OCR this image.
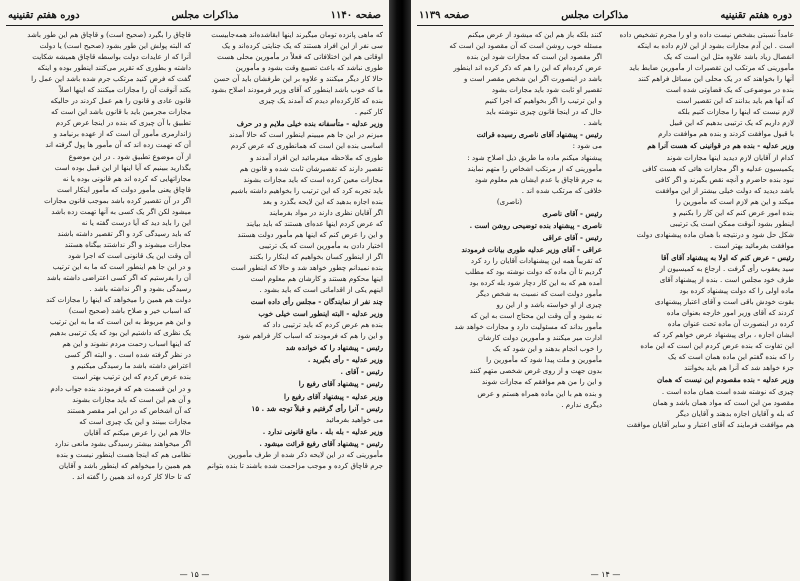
صفحه ۱۱۴۰
مذاکرات مجلس
دوره هفتم تقنینیه

که ماهی پانزده تومان میگیرند اینها ابقاشده‌اند همه‌جابیست

سی نفر از این افراد هستند که یک جنایتی کرده‌اند و یک

اوقاتی هم این اختلافاتی که فعلاً در مأمورین محلی هست

طوری نباشد که باعث تضییع وقت بشود و مأمورین

حالا کار دیگر میکنند و علاوه بر این طرفشان باید آن حسن

ما که خوب باشد اینطور که آقای وزیر فرمودند اصلاح بشود

بنده که کارکرده‌ام دیدم که آمدند یک چیزی

کار کنیم .

وزیر عدلیه - متأسفانه بنده خیلی ملایم و در حرف

میزنم در این جا هم میبینم اینطور است که حالا آمدند

اساسی بنده این است که همانطوری که عرض کردم

طوری که ملاحظه میفرمائید این افراد آمدند و

تقصیر دارند که تقصیرشان ثابت شده و قانون هم

مجازات معین کرده است که باید مجازات بشوند

باید تجربه کرد که این ترتیب را بخواهیم داشته باشیم

بنده اجازه بدهید که این لایحه بگذرد و بعد

اگر آقایان نظری دارند در مواد بفرمایند

که عرض کردم اینها عده‌ای هستند که باید بیایند

و این را عرض کنم که اینها هم مأمور دولت هستند

اختیار دادن به مأمورین است که یک ترتیبی

اگر از اینطور کسان بخواهیم که اینکار را بکنند

بنده نمیدانم چطور خواهد شد و حالا که اینطور است

اینها محکوم هستند و کارشان هم معلوم است

اینهم یکی از اقداماتی است که باید بشود .

چند نفر از نمایندگان - مجلس رأی داده است

وزیر عدلیه - البته اینطور است خیلی خوب

بنده هم عرض کردم که باید ترتیبی داد که

و این را هم که فرمودند که اسباب کار فراهم شود

رئیس - پیشنهاد را که خوانده شد

وزیر عدلیه - رأی بگیرید .

رئیس - آقای .

رئیس - پیشنهاد آقای رفیع را

وزیر عدلیه - پیشنهاد آقای رفیع را

رئیس - آنرا رأی گرفتیم و قبلاً توجه شد . ۱۵

می خواهید بفرمائید

وزیر عدلیه - بله بله . مانع قانونی ندارد .

رئیس - پیشنهاد آقای رفیع قرائت میشود .

مأمورینی که در این لایحه ذکر شده از طرف مأمورین

جرم قاچاق کرده و موجب مزاحمت شده باشند تا بنده بتوانم

قاچاق را بگیرد (صحیح است) و قاچاق هم این طور باشد

که البته پولش این طور بشود (صحیح است) یا دولت

آنرا که از عایدات دولت بواسطه قاچاق همیشه شکایت

داشته و بطوری که تقریر می‌کنند اینطور بوده و اینکه

گفت که فرض کنید مرتکب جرم شده باشد این عمل را

بکند آنوقت آن را مجازات میکنند که اینها اصلاً

قانون عادی و قانون را هم عمل کردند در حالیکه

مجازات مجرمین باید با قانون باشد این است که

تطبیق با آن چیزی که بنده در اینجا عرض کردم

ژاندارمری مأمور آن است که از عهده برنیامد و

آن که تهمت زده اند که آن مأمور ها پول گرفته اند

از آن موضوع تطبیق شود . در این موضوع

بگذارید ببینیم که آیا اینها از این قبیل بوده است

مجازاتهایی که کرده اند هم قانونی بوده یا نه

قاچاق یعنی مأمور دولت که مأمور اینکار است

اگر در آن تقصیر کرده باشد بموجب قانون مجازات

میشود لکن اگر یک کسی به آنها تهمت زده باشد

این را باید دید که آیا درست گفته یا نه

که باید رسیدگی کرد و اگر تقصیر داشته باشند

مجازات میشوند و اگر نداشتند بیگناه هستند

آن وقت این یک قانونی است که اجرا شود

و در این جا هم اینطور است که ما به این ترتیب

آن را بفرستیم که اگر کسی اعتراضی داشته باشد

رسیدگی بشود و اگر نداشته باشد .

دولت هم همین را میخواهد که اینها را مجازات کند

که اسباب خیر و صلاح باشد (صحیح است)

و این هم مربوط به این است که ما به این ترتیب

یک نظری که داشتیم این بود که یک ترتیبی بدهیم

که اینها اسباب زحمت مردم نشوند و این هم

در نظر گرفته شده است . و البته اگر کسی

اعتراض داشته باشد ما رسیدگی میکنیم و

بنده عرض کردم که این ترتیب بهتر است

و در این قسمت هم که فرمودند بنده جواب دادم

و آن هم این است که باید مجازات بشوند

که آن اشخاص که در این امر مقصر هستند

مجازات ببینند و این یک چیزی است که

حالا هم این را عرض میکنم که آقایان

اگر میخواهند بیشتر رسیدگی بشود مانعی ندارد

نظامی هم که اینجا هست اینطور نیست و بنده

هم همین را میخواهم که اینطور باشد و آقایان

که تا حالا کار کرده اند همین را گفته اند .

— ۱۵ —
دوره هفتم تقنینیه
مذاکرات مجلس
صفحه ۱۱۳۹

عامداً نسبتی بشخص نیست داده و او را مجرم تشخیص داده

است . این آدم مجازات بشود از این لازم داده به اینکه

انفصال زیاد باشد علاوه مثل این است که یک

مأمورینی که مرتکب این تقصیرات از مأمورین ضابط باید

آنها را بخواهند که در یک محلی این مسائل فراهم کنند

بنده در موضوعی که یک قضاوتی شده است

که آنها هم باید بدانند که این تقصیر است

لازم نیست که اینها را مجازات کنیم بلکه

لازم داریم که یک ترتیبی بدهیم که این قبیل

با قبول موافقت کردند و بنده هم موافقت دارم

وزیر عدلیه - بنده هم در قوانینی که هست آنرا هم

کدام از آقایان لازم دیدید اینها مجازات شوند

یکمیسیون عدلیه و اگر مجازات هائی که هست کافی

نبود بنده حاضرم و آنچه نقص بگیرند و اگر کافی

باشد دیدید که دولت خیلی بیشتر از این موافقت

میکند و این هم لازم است که مأمورین را

بنده امور عرض کنم که این کار را بکنیم و

اینطور بشود آنوقت ممکن است یک ترتیبی

شکل حل شود و درنتیجه با همان ماده پیشنهادی دولت

موافقت بفرمائید بهتر است .

رئیس - عرض کنم که اولا به پیشنهاد آقای آقا

سید یعقوب رأی گرفت . ارجاع به کمیسیون از

طرف خود مجلس است . بنده از پیشنهاد آقای

ماده اولی را که دولت پیشنهاد کرده بود

بقوت خودش باقی است و آقای اعتبار پیشنهادی

کردند که آقای وزیر امور خارجه بعنوان ماده

کرده در اینصورت آن ماده تحت عنوان ماده

ایشان اجازه ، برای پیشنهاد عرض خواهم کرد که

این تفاوت که بنده عرض کردم این است که این ماده

را که بنده گفتم این ماده همان است که یک

جزء خواهد شد که آنرا هم باید بخوانند

وزیر عدلیه - بنده مقصودم این نیست که همان

چیزی که نوشته شده است همان ماده است .

مقصود من این است که مواد همان باشد و همان

که بله و آقایان اجازه بدهند و آقایان دیگر

هم موافقت فرمایند که آقای اعتبار و سایر آقایان موافقت

کنند بلکه باز هم این که میشود از عرض میکنم

مسئله خوب روشن است که آن مقصود این است که

اگر مقصود این است که مجازات شود این بنده

عرض کرده‌ام که این را هم که ذکر کرده اند اینطور

باشد در اینصورت اگر این شخص مقصر است و

تقصیر او ثابت شود باید مجازات بشود

و این ترتیب را اگر بخواهیم که اجرا کنیم

حال که در اینجا قانون چیزی ننوشته باید

باشد .

رئیس - پیشنهاد آقای ناصری رسیده قرائت

می شود :

پیشنهاد میکنم ماده ما طریق ذیل اصلاح شود :

مأمورینی که از مرتکب اشخاص را متهم نمایند

به جرم قاچاق یا عدم ایشان هم معلوم شود

خلافی که مرتکب شده اند .

(ناصری)

رئیس - آقای ناصری

ناصری - پیشنهاد بنده توضیحی روشن است .

رئیس - آقای عراقی

عراقی - آقای وزیر عدلیه طوری بیانات فرمودند

که تقریباً همه این پیشنهادات آقایان را رد کرد

گردیم تا آن ماده که دولت نوشته بود که مطلب

آمده هم که به این کار دچار شود بله کرده بود

مأمور دولت است که نسبت به شخص دیگر

چیزی از او خواسته باشد و از این رو

نه بشود و آن وقت این محتاج است به این که

مأمور بداند که مسئولیت دارد و مجازات خواهد شد

ادارت میر میکنند و مأمورین دولت کارشان

را خوب انجام بدهند و این شود که یک

مأمورین و ملت پیدا شود که مأمورین را

بدون جهت و از روی غرض شخصی متهم کنند

و این را من هم موافقم که مجازات شوند

و بنده هم با این ماده همراه هستم و عرض

دیگری ندارم .

— ۱۴ —
